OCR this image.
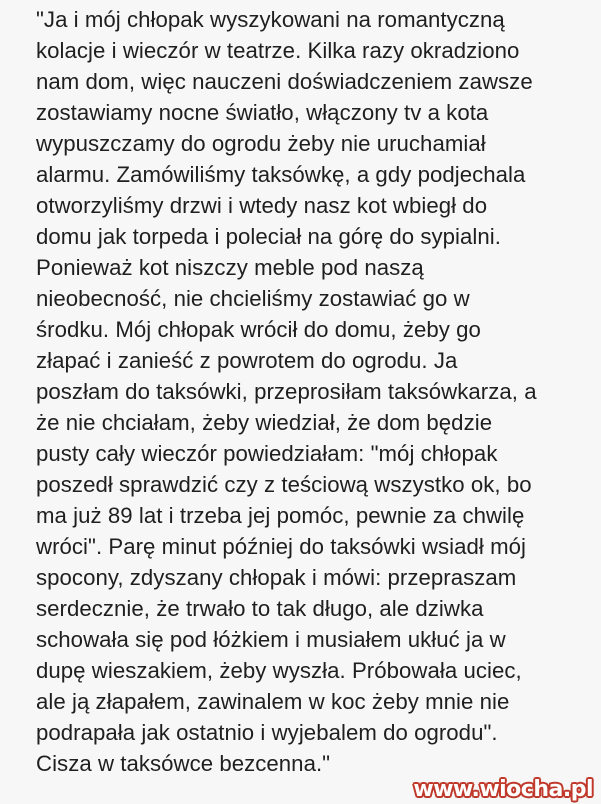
"Ja i mój chłopak wyszykowani na romantyczną
kolacje i wieczór w teatrze. Kilka razy okradziono
nam dom, więc nauczeni doświadczeniem zawsze
zostawiamy nocne światło, włączony tv a kota
wypuszczamy do ogrodu żeby nie uruchamiał
alarmu. Zamówiliśmy taksówkę, a gdy podjechala
otworzyliśmy drzwi i wtedy nasz kot wbiegł do
domu jak torpeda i poleciał na górę do sypialni.
Ponieważ kot niszczy meble pod naszą
nieobecność, nie chcieliśmy zostawiać go w
środku. Mój chłopak wrócił do domu, żeby go
złapać i zanieść z powrotem do ogrodu. Ja
poszłam do taksówki, przeprosiłam taksówkarza, a
że nie chciałam, żeby wiedział, że dom będzie
pusty cały wieczór powiedziałam: "mój chłopak
poszedł sprawdzić czy z teściową wszystko ok, bo
ma już 89 lat i trzeba jej pomóc, pewnie za chwilę
wróci". Parę minut później do taksówki wsiadł mój
spocony, zdyszany chłopak i mówi: przepraszam
serdecznie, że trwało to tak długo, ale dziwka
schowała się pod łóżkiem i musiałem ukłuć ja w
dupę wieszakiem, żeby wyszła. Próbowała uciec,
ale ją złapałem, zawinalem w koc żeby mnie nie
podrapała jak ostatnio i wyjebalem do ogrodu".
Cisza w taksówce bezcenna."
www.wiocha.pl
